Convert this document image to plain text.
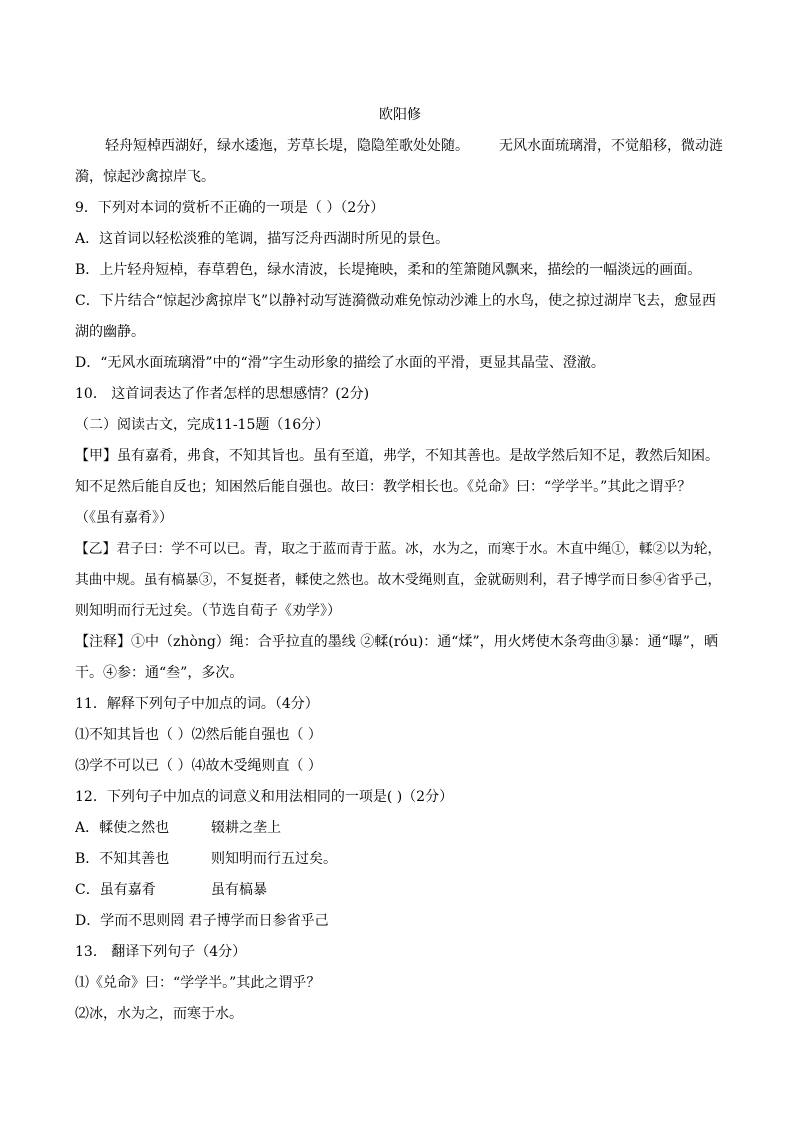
欧阳修
轻舟短棹西湖好，绿水逶迤，芳草长堤，隐隐笙歌处处随。 无风水面琉璃滑，不觉船移，微动涟
漪，惊起沙禽掠岸飞。
9．下列对本词的赏析不正确的一项是（ ）（2分）
A．这首词以轻松淡雅的笔调，描写泛舟西湖时所见的景色。
B．上片轻舟短棹，春草碧色，绿水清波，长堤掩映，柔和的笙箫随风飘来，描绘的一幅淡远的画面。
C．下片结合“惊起沙禽掠岸飞”以静衬动写涟漪微动难免惊动沙滩上的水鸟，使之掠过湖岸飞去，愈显西
湖的幽静。
D．“无风水面琉璃滑”中的“滑”字生动形象的描绘了水面的平滑，更显其晶莹、澄澈。
10． 这首词表达了作者怎样的思想感情？(2分)
（二）阅读古文，完成11-15题（16分）
【甲】虽有嘉肴，弗食，不知其旨也。虽有至道，弗学，不知其善也。是故学然后知不足，教然后知困。
知不足然后能自反也；知困然后能自强也。故曰：教学相长也。《兑命》曰：“学学半。”其此之谓乎？
（《虽有嘉肴》）
【乙】君子曰：学不可以已。青，取之于蓝而青于蓝。冰，水为之，而寒于水。木直中绳①，輮②以为轮，
其曲中规。虽有槁暴③，不复挺者，輮使之然也。故木受绳则直，金就砺则利，君子博学而日参④省乎己，
则知明而行无过矣。（节选自荀子《劝学》）
【注释】①中（zhòng）绳：合乎拉直的墨线 ②輮(róu)：通“煣”，用火烤使木条弯曲③暴：通“曝”，晒
干。④参：通“叁”，多次。
11．解释下列句子中加点的词。（4分）
⑴不知其旨也（ ）⑵然后能自强也（ ）
⑶学不可以已（ ）⑷故木受绳则直（ ）
12．下列句子中加点的词意义和用法相同的一项是( )（2分）
A．輮使之然也	辍耕之垄上
B．不知其善也	则知明而行五过矣。
C．虽有嘉肴	虽有槁暴
D．学而不思则罔 君子博学而日参省乎己
13． 翻译下列句子（4分）
⑴《兑命》曰：“学学半。”其此之谓乎？
⑵冰，水为之，而寒于水。
